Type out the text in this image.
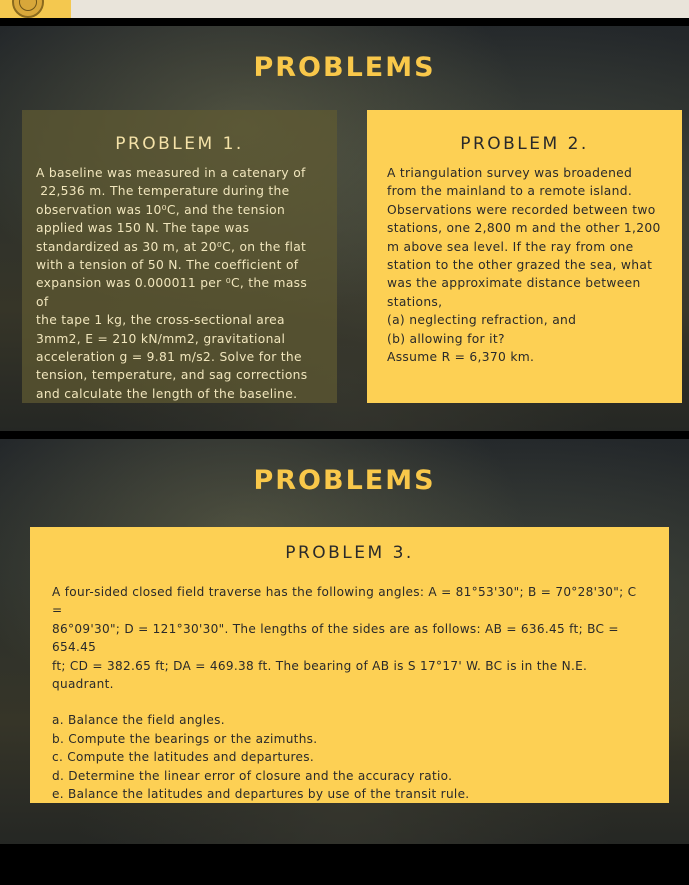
PROBLEMS
PROBLEM 1.

A baseline was measured in a catenary of
22,536 m. The temperature during the
observation was 10⁰C, and the tension
applied was 150 N. The tape was
standardized as 30 m, at 20⁰C, on the flat
with a tension of 50 N. The coefficient of
expansion was 0.000011 per ⁰C, the mass of
the tape 1 kg, the cross-sectional area
3mm2, E = 210 kN/mm2, gravitational
acceleration g = 9.81 m/s2. Solve for the
tension, temperature, and sag corrections
and calculate the length of the baseline.

PROBLEM 2.

A triangulation survey was broadened
from the mainland to a remote island.
Observations were recorded between two
stations, one 2,800 m and the other 1,200
m above sea level. If the ray from one
station to the other grazed the sea, what
was the approximate distance between
stations,
(a) neglecting refraction, and
(b) allowing for it?
Assume R = 6,370 km.

PROBLEMS
PROBLEM 3.

A four-sided closed field traverse has the following angles: A = 81°53'30"; B = 70°28'30"; C =
86°09'30"; D = 121°30'30". The lengths of the sides are as follows: AB = 636.45 ft; BC = 654.45
ft; CD = 382.65 ft; DA = 469.38 ft. The bearing of AB is S 17°17' W. BC is in the N.E. quadrant.

a. Balance the field angles.
b. Compute the bearings or the azimuths.
c. Compute the latitudes and departures.
d. Determine the linear error of closure and the accuracy ratio.
e. Balance the latitudes and departures by use of the transit rule.
